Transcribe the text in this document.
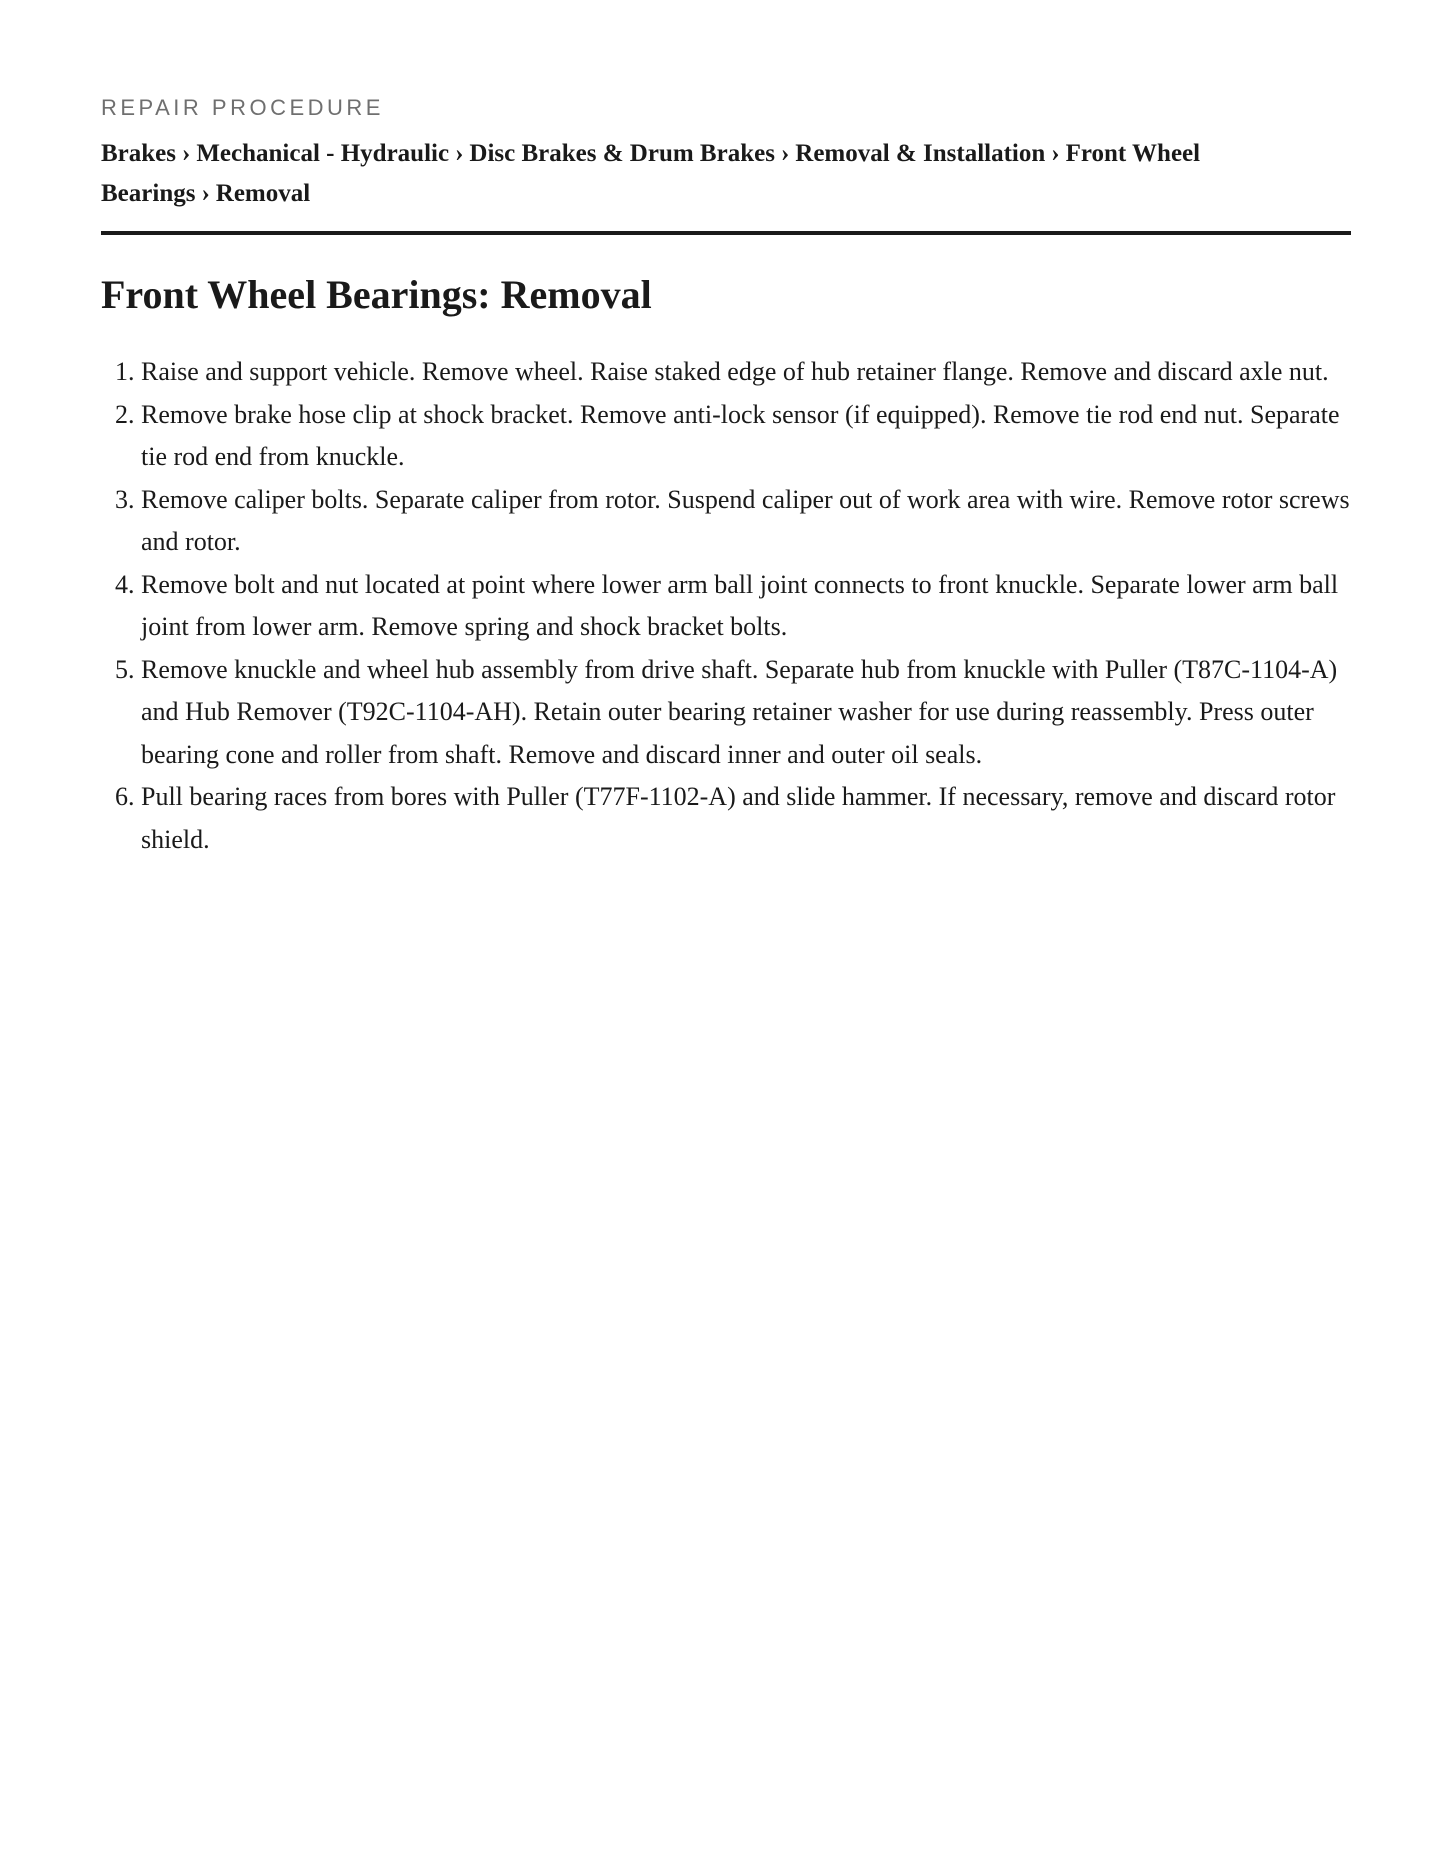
REPAIR PROCEDURE
Brakes › Mechanical - Hydraulic › Disc Brakes & Drum Brakes › Removal & Installation › Front Wheel Bearings › Removal
Front Wheel Bearings: Removal
1. Raise and support vehicle. Remove wheel. Raise staked edge of hub retainer flange. Remove and discard axle nut.
2. Remove brake hose clip at shock bracket. Remove anti-lock sensor (if equipped). Remove tie rod end nut. Separate tie rod end from knuckle.
3. Remove caliper bolts. Separate caliper from rotor. Suspend caliper out of work area with wire. Remove rotor screws and rotor.
4. Remove bolt and nut located at point where lower arm ball joint connects to front knuckle. Separate lower arm ball joint from lower arm. Remove spring and shock bracket bolts.
5. Remove knuckle and wheel hub assembly from drive shaft. Separate hub from knuckle with Puller (T87C-1104-A) and Hub Remover (T92C-1104-AH). Retain outer bearing retainer washer for use during reassembly. Press outer bearing cone and roller from shaft. Remove and discard inner and outer oil seals.
6. Pull bearing races from bores with Puller (T77F-1102-A) and slide hammer. If necessary, remove and discard rotor shield.
